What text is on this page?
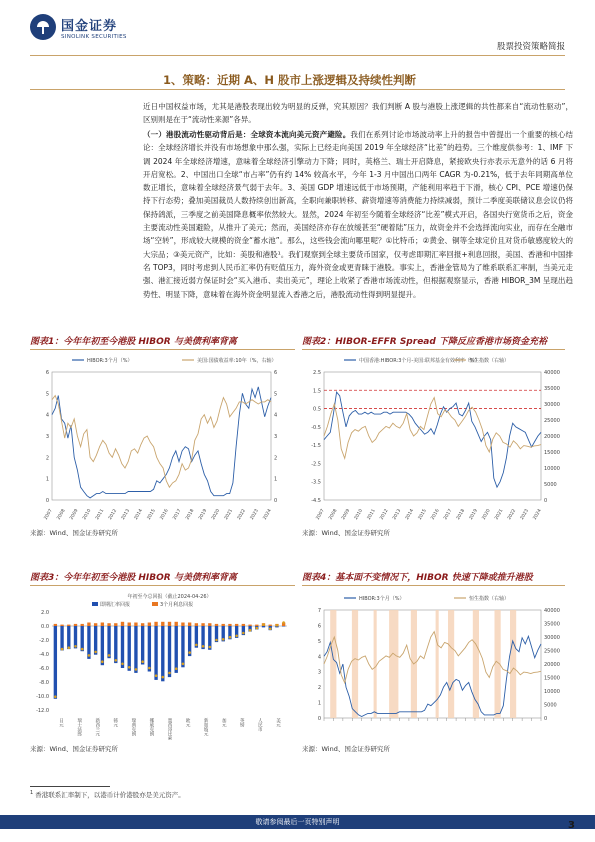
国金证券
SINOLINK SECURITIES
股票投资策略简报
1、策略：近期 A、H 股市上涨逻辑及持续性判断
近日中国权益市场，尤其是港股表现出较为明显的反弹，究其原因？我们判断 A 股与港股上涨逻辑的共性都来自“流动性驱动”，区别则是在于“流动性来源”各异。
（一）港股流动性驱动背后是：全球资本流向美元资产避险。我们在系列讨论市场波动率上升的报告中曾提出一个重要的核心结论：全球经济增长并没有市场想象中那么强，实际上已经走向美国 2019 年全球经济“比差”的趋势。三个维度供参考：1、IMF 下调 2024 年全球经济增速，意味着全球经济引擎动力下降；同时，英格兰、瑞士开启降息，紧接欧央行亦表示无意外的话 6 月将开启宽松。2、中国出口全球“市占率”仍有约 14% 较高水平，今年 1-3 月中国出口两年 CAGR 为-0.21%，低于去年同期高单位数正增长，意味着全球经济景气弱于去年。3、美国 GDP 增速远低于市场预期，产能利用率趋于下滑，核心 CPI、PCE 增速仍保持下行态势；叠加美国裁员人数持续创出新高，全职向兼职转移、薪资增速等消费能力持续减弱，预计二季度美联储议息会议仍将保持鸽派，三季度之前美国降息概率依然较大。显然，2024 年初至今随着全球经济“比差”模式开启，各国央行宽货币之后，资金主要流动性美国避险，从推升了美元；然而，美国经济亦存在放缓甚至“硬着陆”压力，故资金并不会选择流向实业，而存在全融市场“空转”，形成较大规模的资金“蓄水池”。那么，这些钱会流向哪里呢？①比特币；②黄金、铜等全球定价且对货币敏感度较大的大宗品；③美元资产，比如：美股和港股¹。我们观察到全球主要货币国家，仅考虑即期汇率回报+利息回报，美国、香港和中国排名 TOP3，同时考虑到人民币汇率仍有贬值压力，海外资金或更青睐于港股。事实上，香港金管局为了维系联系汇率制，当美元走强、港汇接近弱方保证时会“买入港币、卖出美元”，理论上收紧了香港市场流动性，但根据观察显示，香港 HIBOR_3M 呈现出趋势性、明显下降，意味着在海外资金明显流入香港之后，港股流动性得到明显提升。
图表1：今年年初至今港股 HIBOR 与美债利率背离
HIBOR:3个月（%）	美国:国债收益率:10年（%，右轴）
0
1
2
3
4
5
6
0
1
2
3
4
5
6
2007 2008 2009 2010 2011 2012 2013 2014 2015 2016 2017 2018 2019 2020 2021 2022 2023 2024
来源：Wind、国金证券研究所
图表2：HIBOR-EFFR Spread 下降反应香港市场资金充裕
中国香港:HIBOR:3个月-美国:联邦基金有效利率（%）
恒生指数（右轴）
-4.5
-3.5
-2.5
-1.5
-0.5
0.5
1.5
2.5
0
5000
10000
15000
20000
25000
30000
35000
40000
2007 2008 2009 2010 2011 2012 2013 2014 2015 2016 2017 2018 2019 2020 2021 2022 2023 2024
来源：Wind、国金证券研究所
图表3：今年年初至今港股 HIBOR 与美债利率背离
年初至今总回报（截止2024-04-26）
即期汇率回报	3个月利息回报
2.0
0.0
-2.0
-4.0
-6.0
-8.0
-10.0
-12.0
日元	瑞士法郎	新西兰元	韩元	瑞典克朗	挪威克朗	墨西哥比索	欧元	新加坡元	加元	英镑	人民币	美元
来源：Wind、国金证券研究所
图表4：基本面不变情况下，HIBOR 快速下降或推升港股
HIBOR:3个月（%）	恒生指数（右轴）
0
1
2
3
4
5
6
7
0
5000
10000
15000
20000
25000
30000
35000
40000
来源：Wind、国金证券研究所
$^1$ 香港联系汇率制下，以港币计价港股亦是美元资产。
敬请参阅最后一页特别声明	3
